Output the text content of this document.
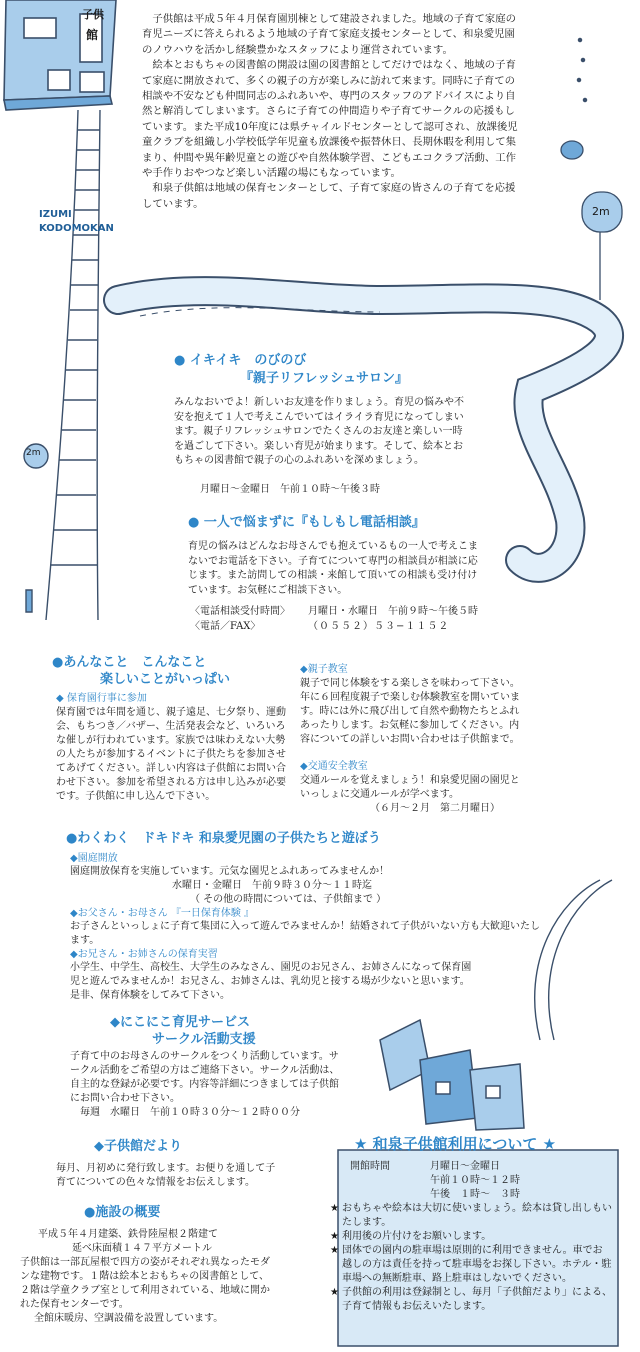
子供
館
IZUMI
KODOMOKAN
2m
2m

子供館は平成５年４月保育園別棟として建設されました。地域の子育て家庭の育児ニーズに答えられるよう地域の子育て家庭支援センターとして、和泉愛児園のノウハウを活かし経験豊かなスタッフにより運営されています。

絵本とおもちゃの図書館の開設は園の図書館としてだけではなく、地域の子育て家庭に開放されて、多くの親子の方が楽しみに訪れて来ます。同時に子育ての相談や不安なども仲間同志のふれあいや、専門のスタッフのアドバイスにより自然と解消してしまいます。さらに子育ての仲間造りや子育てサークルの応援もしています。また平成10年度には県チャイルドセンターとして認可され、放課後児童クラブを組織し小学校低学年児童も放課後や振替休日、長期休暇を利用して集まり、仲間や異年齢児童との遊びや自然体験学習、こどもエコクラブ活動、工作や手作りおやつなど楽しい活躍の場にもなっています。

和泉子供館は地域の保育センターとして、子育て家庭の皆さんの子育てを応援しています。

● イキイキ　のびのび
『親子リフレッシュサロン』
みんなおいでよ！新しいお友達を作りましょう。育児の悩みや不安を抱えて１人で考えこんでいてはイライラ育児になってしまいます。親子リフレッシュサロンでたくさんのお友達と楽しい一時を過ごして下さい。楽しい育児が始まります。そして、絵本とおもちゃの図書館で親子の心のふれあいを深めましょう。
月曜日〜金曜日　午前１０時〜午後３時
● 一人で悩まずに『もしもし電話相談』
育児の悩みはどんなお母さんでも抱えているもの一人で考えこまないでお電話を下さい。子育てについて専門の相談員が相談に応じます。また訪問しての相談・来館して頂いての相談も受け付けています。お気軽にご相談下さい。
〈電話相談受付時間〉	月曜日・水曜日　午前９時〜午後５時
〈電話／FAX〉	（０５５２）５３−１１５２
●あんなこと　こんなこと
楽しいことがいっぱい
◆ 保育園行事に参加
保育園では年間を通じ、親子遠足、七夕祭り、運動会、もちつき／バザー、生活発表会など、いろいろな催しが行われています。家族では味わえない大勢の人たちが参加するイベントに子供たちを参加させてあげてください。詳しい内容は子供館にお問い合わせ下さい。参加を希望される方は申し込みが必要です。子供館に申し込んで下さい。
◆親子教室
親子で同じ体験をする楽しさを味わって下さい。年に６回程度親子で楽しむ体験教室を開いています。時には外に飛び出して自然や動物たちとふれあったりします。お気軽に参加してください。内容についての詳しいお問い合わせは子供館まで。
◆交通安全教室
交通ルールを覚えましょう！和泉愛児園の園児といっしょに交通ルールが学べます。
（６月〜２月　第二月曜日）
●わくわく　ドキドキ 和泉愛児園の子供たちと遊ぼう
◆園庭開放
園庭開放保育を実施しています。元気な園児とふれあってみませんか！
水曜日・金曜日　午前９時３０分〜１１時迄
（ その他の時間については、子供館まで ）
◆お父さん・お母さん 『一日保育体験 』
お子さんといっしょに子育て集団に入って遊んでみませんか！結婚されて子供がいない方も大歓迎いたします。
◆お兄さん・お姉さんの保育実習
小学生、中学生、高校生、大学生のみなさん、園児のお兄さん、お姉さんになって保育園児と遊んでみませんか！お兄さん、お姉さんは、乳幼児と接する場が少ないと思います。是非、保育体験をしてみて下さい。
◆にこにこ育児サービス
サークル活動支援
子育て中のお母さんのサークルをつくり活動しています。サークル活動をご希望の方はご連絡下さい。サークル活動は、自主的な登録が必要です。内容等詳細につきましては子供館にお問い合わせ下さい。
毎週　水曜日　午前１０時３０分〜１２時００分
◆子供館だより
毎月、月初めに発行致します。お便りを通して子育てについての色々な情報をお伝えします。
●施設の概要
平成５年４月建築、鉄骨陸屋根２階建て
延べ床面積１４７平方メートル
子供館は一部瓦屋根で四方の姿がそれぞれ異なったモダンな建物です。１階は絵本とおもちゃの図書館として、２階は学童クラブ室として利用されている、地域に開かれた保育センターです。
全館床暖房、空調設備を設置しています。
★ 和泉子供館利用について ★
開館時間	月曜日〜金曜日
午前１０時〜１２時
午後　１時〜　３時
★ おもちゃや絵本は大切に使いましょう。絵本は貸し出しもいたします。
★ 利用後の片付けをお願いします。
★ 団体での園内の駐車場は原則的に利用できません。車でお越しの方は責任を持って駐車場をお探し下さい。ホテル・駐車場への無断駐車、路上駐車はしないでください。
★ 子供館の利用は登録制とし、毎月「子供館だより」による、子育て情報もお伝えいたします。
